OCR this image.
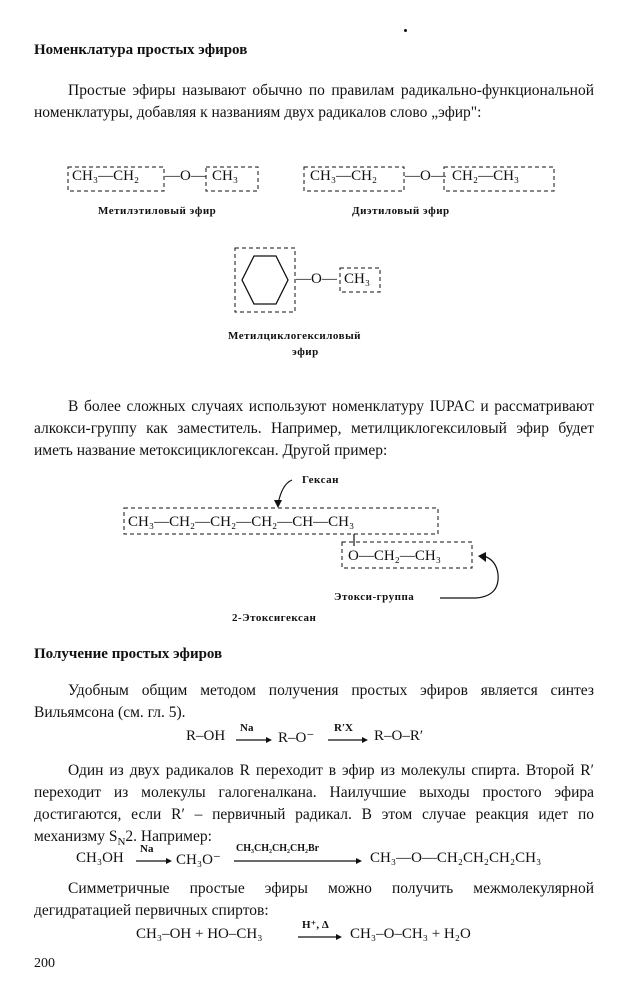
Номенклатура простых эфиров
Простые эфиры называют обычно по правилам радикально-функциональной номенклатуры, добавляя к названиям двух радикалов слово „эфир":
CH₃—CH₂ —O— CH₃
Метилэтиловый эфир
CH₃—CH₂ —O— CH₂—CH₃
Диэтиловый эфир
—O— CH₃
Метилциклогексиловый
эфир
В более сложных случаях используют номенклатуру IUPAC и рассматривают алкокси-группу как заместитель. Например, метилциклогексиловый эфир будет иметь название метоксициклогексан. Другой пример:
Гексан
CH₃—CH₂—CH₂—CH₂—CH—CH₃
O—CH₂—CH₃
Этокси-группа
2-Этоксигексан
Получение простых эфиров
Удобным общим методом получения простых эфиров является синтез Вильямсона (см. гл. 5).
R–OH Na
R–O⁻
R′X R–O–R′
Один из двух радикалов R переходит в эфир из молекулы спирта. Второй R′ переходит из молекулы галогеналкана. Наилучшие выходы простого эфира достигаются, если R′ – первичный радикал. В этом случае реакция идет по механизму $S_N2$. Например:
CH₃OH
Na
CH₃O⁻
CH₃CH₂CH₂CH₂Br
CH₃—O—CH₂CH₂CH₂CH₃
Симметричные простые эфиры можно получить межмолекулярной дегидратацией первичных спиртов:
CH₃–OH + HO–CH₃
H⁺, Δ
CH₃–O–CH₃ + H₂O
200
